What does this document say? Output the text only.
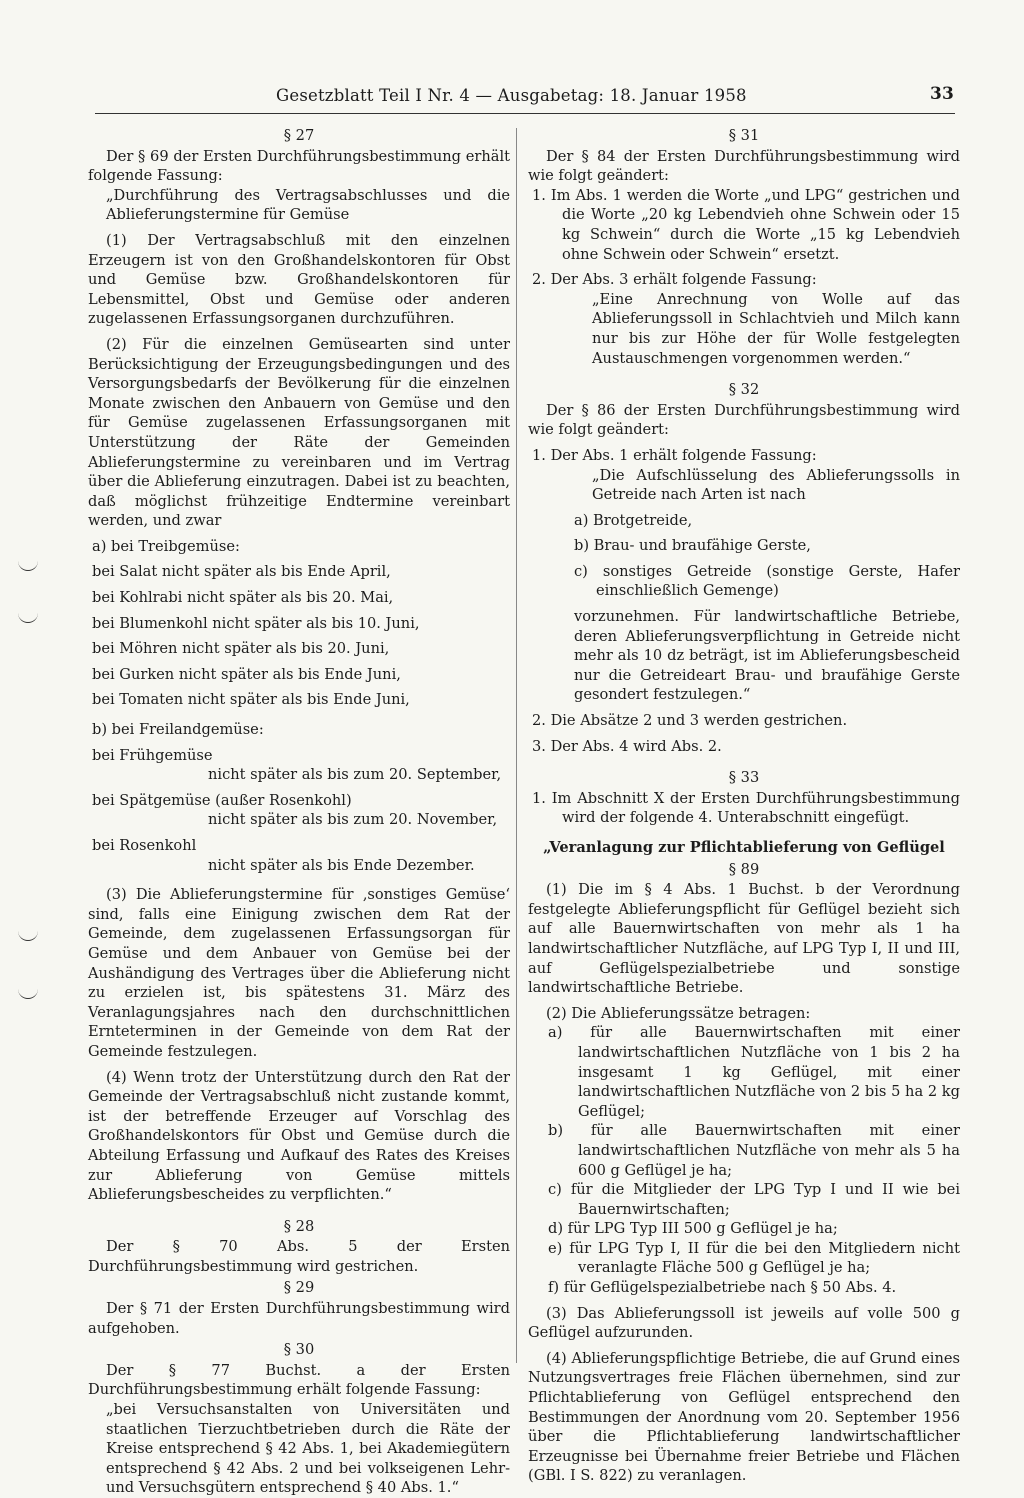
Gesetzblatt Teil I Nr. 4 — Ausgabetag: 18. Januar 1958	33

§ 27

Der § 69 der Ersten Durchführungsbestimmung erhält folgende Fassung:

„Durchführung des Vertragsabschlusses und die Ablieferungstermine für Gemüse

(1) Der Vertragsabschluß mit den einzelnen Erzeugern ist von den Großhandelskontoren für Obst und Gemüse bzw. Großhandelskontoren für Lebensmittel, Obst und Gemüse oder anderen zugelassenen Erfassungsorganen durchzuführen.

(2) Für die einzelnen Gemüsearten sind unter Berücksichtigung der Erzeugungsbedingungen und des Versorgungsbedarfs der Bevölkerung für die einzelnen Monate zwischen den Anbauern von Gemüse und den für Gemüse zugelassenen Erfassungsorganen mit Unterstützung der Räte der Gemeinden Ablieferungstermine zu vereinbaren und im Vertrag über die Ablieferung einzutragen. Dabei ist zu beachten, daß möglichst frühzeitige Endtermine vereinbart werden, und zwar

a) bei Treibgemüse:

bei Salat nicht später als bis Ende April,

bei Kohlrabi nicht später als bis 20. Mai,

bei Blumenkohl nicht später als bis 10. Juni,

bei Möhren nicht später als bis 20. Juni,

bei Gurken nicht später als bis Ende Juni,

bei Tomaten nicht später als bis Ende Juni,

b) bei Freilandgemüse:

bei Frühgemüse

nicht später als bis zum 20. September,

bei Spätgemüse (außer Rosenkohl)

nicht später als bis zum 20. November,

bei Rosenkohl

nicht später als bis Ende Dezember.

(3) Die Ablieferungstermine für ‚sonstiges Gemüse‘ sind, falls eine Einigung zwischen dem Rat der Gemeinde, dem zugelassenen Erfassungsorgan für Gemüse und dem Anbauer von Gemüse bei der Aushändigung des Vertrages über die Ablieferung nicht zu erzielen ist, bis spätestens 31. März des Veranlagungsjahres nach den durchschnittlichen Ernteterminen in der Gemeinde von dem Rat der Gemeinde festzulegen.

(4) Wenn trotz der Unterstützung durch den Rat der Gemeinde der Vertragsabschluß nicht zustande kommt, ist der betreffende Erzeuger auf Vorschlag des Großhandelskontors für Obst und Gemüse durch die Abteilung Erfassung und Aufkauf des Rates des Kreises zur Ablieferung von Gemüse mittels Ablieferungsbescheides zu verpflichten.“

§ 28

Der § 70 Abs. 5 der Ersten Durchführungsbestimmung wird gestrichen.

§ 29

Der § 71 der Ersten Durchführungsbestimmung wird aufgehoben.

§ 30

Der § 77 Buchst. a der Ersten Durchführungsbestimmung erhält folgende Fassung:

„bei Versuchsanstalten von Universitäten und staatlichen Tierzuchtbetrieben durch die Räte der Kreise entsprechend § 42 Abs. 1, bei Akademiegütern entsprechend § 42 Abs. 2 und bei volkseigenen Lehr- und Versuchsgütern entsprechend § 40 Abs. 1.“

§ 31

Der § 84 der Ersten Durchführungsbestimmung wird wie folgt geändert:

1. Im Abs. 1 werden die Worte „und LPG“ gestrichen und die Worte „20 kg Lebendvieh ohne Schwein oder 15 kg Schwein“ durch die Worte „15 kg Lebendvieh ohne Schwein oder Schwein“ ersetzt.

2. Der Abs. 3 erhält folgende Fassung:

„Eine Anrechnung von Wolle auf das Ablieferungssoll in Schlachtvieh und Milch kann nur bis zur Höhe der für Wolle festgelegten Austauschmengen vorgenommen werden.“

§ 32

Der § 86 der Ersten Durchführungsbestimmung wird wie folgt geändert:

1. Der Abs. 1 erhält folgende Fassung:

„Die Aufschlüsselung des Ablieferungssolls in Getreide nach Arten ist nach

a) Brotgetreide,

b) Brau- und braufähige Gerste,

c) sonstiges Getreide (sonstige Gerste, Hafer einschließlich Gemenge)

vorzunehmen. Für landwirtschaftliche Betriebe, deren Ablieferungsverpflichtung in Getreide nicht mehr als 10 dz beträgt, ist im Ablieferungsbescheid nur die Getreideart Brau- und braufähige Gerste gesondert festzulegen.“

2. Die Absätze 2 und 3 werden gestrichen.

3. Der Abs. 4 wird Abs. 2.

§ 33

1. Im Abschnitt X der Ersten Durchführungsbestimmung wird der folgende 4. Unterabschnitt eingefügt.

„Veranlagung zur Pflichtablieferung von Geflügel

§ 89

(1) Die im § 4 Abs. 1 Buchst. b der Verordnung festgelegte Ablieferungspflicht für Geflügel bezieht sich auf alle Bauernwirtschaften von mehr als 1 ha landwirtschaftlicher Nutzfläche, auf LPG Typ I, II und III, auf Geflügelspezialbetriebe und sonstige landwirtschaftliche Betriebe.

(2) Die Ablieferungssätze betragen:

a) für alle Bauernwirtschaften mit einer landwirtschaftlichen Nutzfläche von 1 bis 2 ha insgesamt 1 kg Geflügel, mit einer landwirtschaftlichen Nutzfläche von 2 bis 5 ha 2 kg Geflügel;

b) für alle Bauernwirtschaften mit einer landwirtschaftlichen Nutzfläche von mehr als 5 ha 600 g Geflügel je ha;

c) für die Mitglieder der LPG Typ I und II wie bei Bauernwirtschaften;

d) für LPG Typ III 500 g Geflügel je ha;

e) für LPG Typ I, II für die bei den Mitgliedern nicht veranlagte Fläche 500 g Geflügel je ha;

f) für Geflügelspezialbetriebe nach § 50 Abs. 4.

(3) Das Ablieferungssoll ist jeweils auf volle 500 g Geflügel aufzurunden.

(4) Ablieferungspflichtige Betriebe, die auf Grund eines Nutzungsvertrages freie Flächen übernehmen, sind zur Pflichtablieferung von Geflügel entsprechend den Bestimmungen der Anordnung vom 20. September 1956 über die Pflichtablieferung landwirtschaftlicher Erzeugnisse bei Übernahme freier Betriebe und Flächen (GBl. I S. 822) zu veranlagen.
